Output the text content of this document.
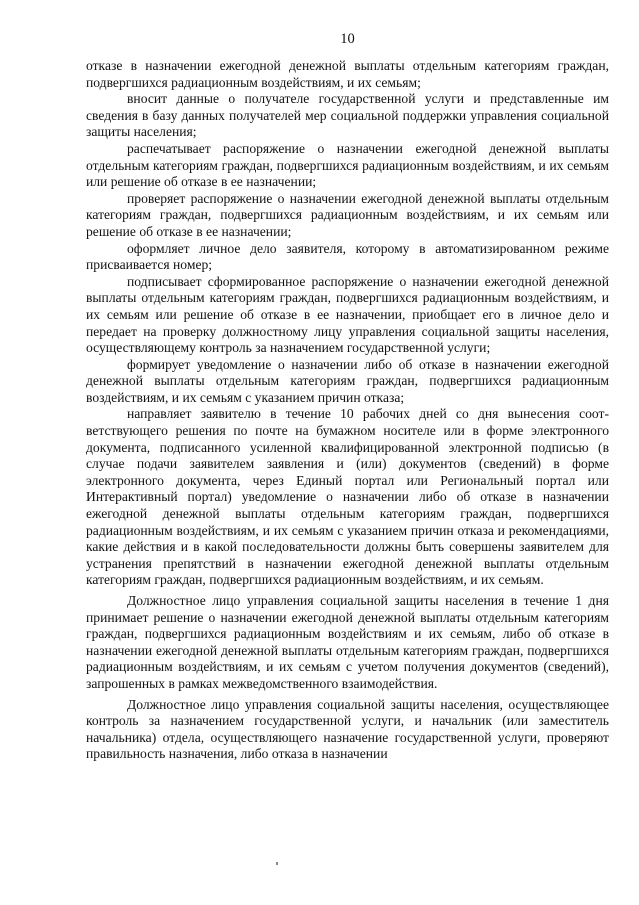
10

отказе в назначении ежегодной денежной выплаты отдельным категориям граждан, подвергшихся радиационным воздействиям, и их семьям;

вносит данные о получателе государственной услуги и представленные им сведения в базу данных получателей мер социальной поддержки управления социальной защиты населения;

распечатывает распоряжение о назначении ежегодной денежной выплаты отдельным категориям граждан, подвергшихся радиационным воздействиям, и их семьям или решение об отказе в ее назначении;

проверяет распоряжение о назначении ежегодной денежной выплаты отдельным категориям граждан, подвергшихся радиационным воздействиям, и их семьям или решение об отказе в ее назначении;

оформляет личное дело заявителя, которому в автоматизированном режиме присваивается номер;

подписывает сформированное распоряжение о назначении ежегодной денежной выплаты отдельным категориям граждан, подвергшихся радиационным воздействиям, и их семьям или решение об отказе в ее назначении, приобщает его в личное дело и передает на проверку должностному лицу управления социальной защиты населения, осуществляющему контроль за назначением государственной услуги;

формирует уведомление о назначении либо об отказе в назначении ежегодной денежной выплаты отдельным категориям граждан, подвергшихся радиационным воздействиям, и их семьям с указанием причин отказа;

направляет заявителю в течение 10 рабочих дней со дня вынесения соответствующего решения по почте на бумажном носителе или в форме электронного документа, подписанного усиленной квалифицированной электронной подписью (в случае подачи заявителем заявления и (или) документов (сведений) в форме электронного документа, через Единый портал или Региональный портал или Интерактивный портал) уведомление о назначении либо об отказе в назначении ежегодной денежной выплаты отдельным категориям граждан, подвергшихся радиационным воздействиям, и их семьям с указанием причин отказа и рекомендациями, какие действия и в какой последовательности должны быть совершены заявителем для устранения препятствий в назначении ежегодной денежной выплаты отдельным категориям граждан, подвергшихся радиационным воздействиям, и их семьям.

Должностное лицо управления социальной защиты населения в течение 1 дня принимает решение о назначении ежегодной денежной выплаты отдельным категориям граждан, подвергшихся радиационным воздействиям и их семьям, либо об отказе в назначении ежегодной денежной выплаты отдельным категориям граждан, подвергшихся радиационным воздействиям, и их семьям с учетом получения документов (сведений), запрошенных в рамках межведомственного взаимодействия.

Должностное лицо управления социальной защиты населения, осуществляющее контроль за назначением государственной услуги, и начальник (или заместитель начальника) отдела, осуществляющего назначение государственной услуги, проверяют правильность назначения, либо отказа в назначении
